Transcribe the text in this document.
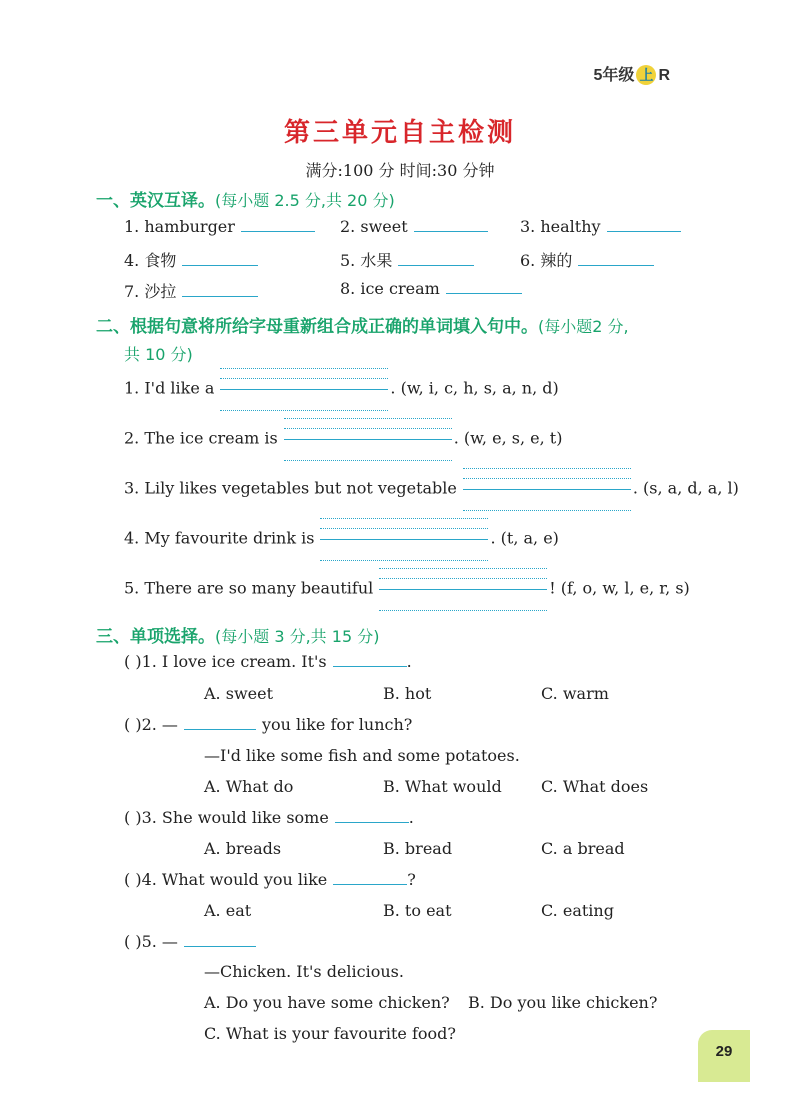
5年级 上 R
第三单元自主检测
满分:100 分 时间:30 分钟
一、英汉互译。(每小题 2.5 分,共 20 分)
1. hamburger	2. sweet	3. healthy
4. 食物	5. 水果	6. 辣的
7. 沙拉	8. ice cream
二、根据句意将所给字母重新组合成正确的单词填入句中。(每小题2 分,
共 10 分)
1. I'd like a	. (w, i, c, h, s, a, n, d)
2. The ice cream is	. (w, e, s, e, t)
3. Lily likes vegetables but not vegetable	. (s, a, d, a, l)
4. My favourite drink is	. (t, a, e)
5. There are so many beautiful	! (f, o, w, l, e, r, s)
三、单项选择。(每小题 3 分,共 15 分)
( )1. I love ice cream. It's	.
A. sweet	B. hot	C. warm
( )2. —	you like for lunch?
—I'd like some fish and some potatoes.
A. What do	B. What would C. What does
( )3. She would like some	.
A. breads	B. bread	C. a bread
( )4. What would you like	?
A. eat	B. to eat	C. eating
( )5. —
—Chicken. It's delicious.
A. Do you have some chicken? B. Do you like chicken?
C. What is your favourite food?
29
